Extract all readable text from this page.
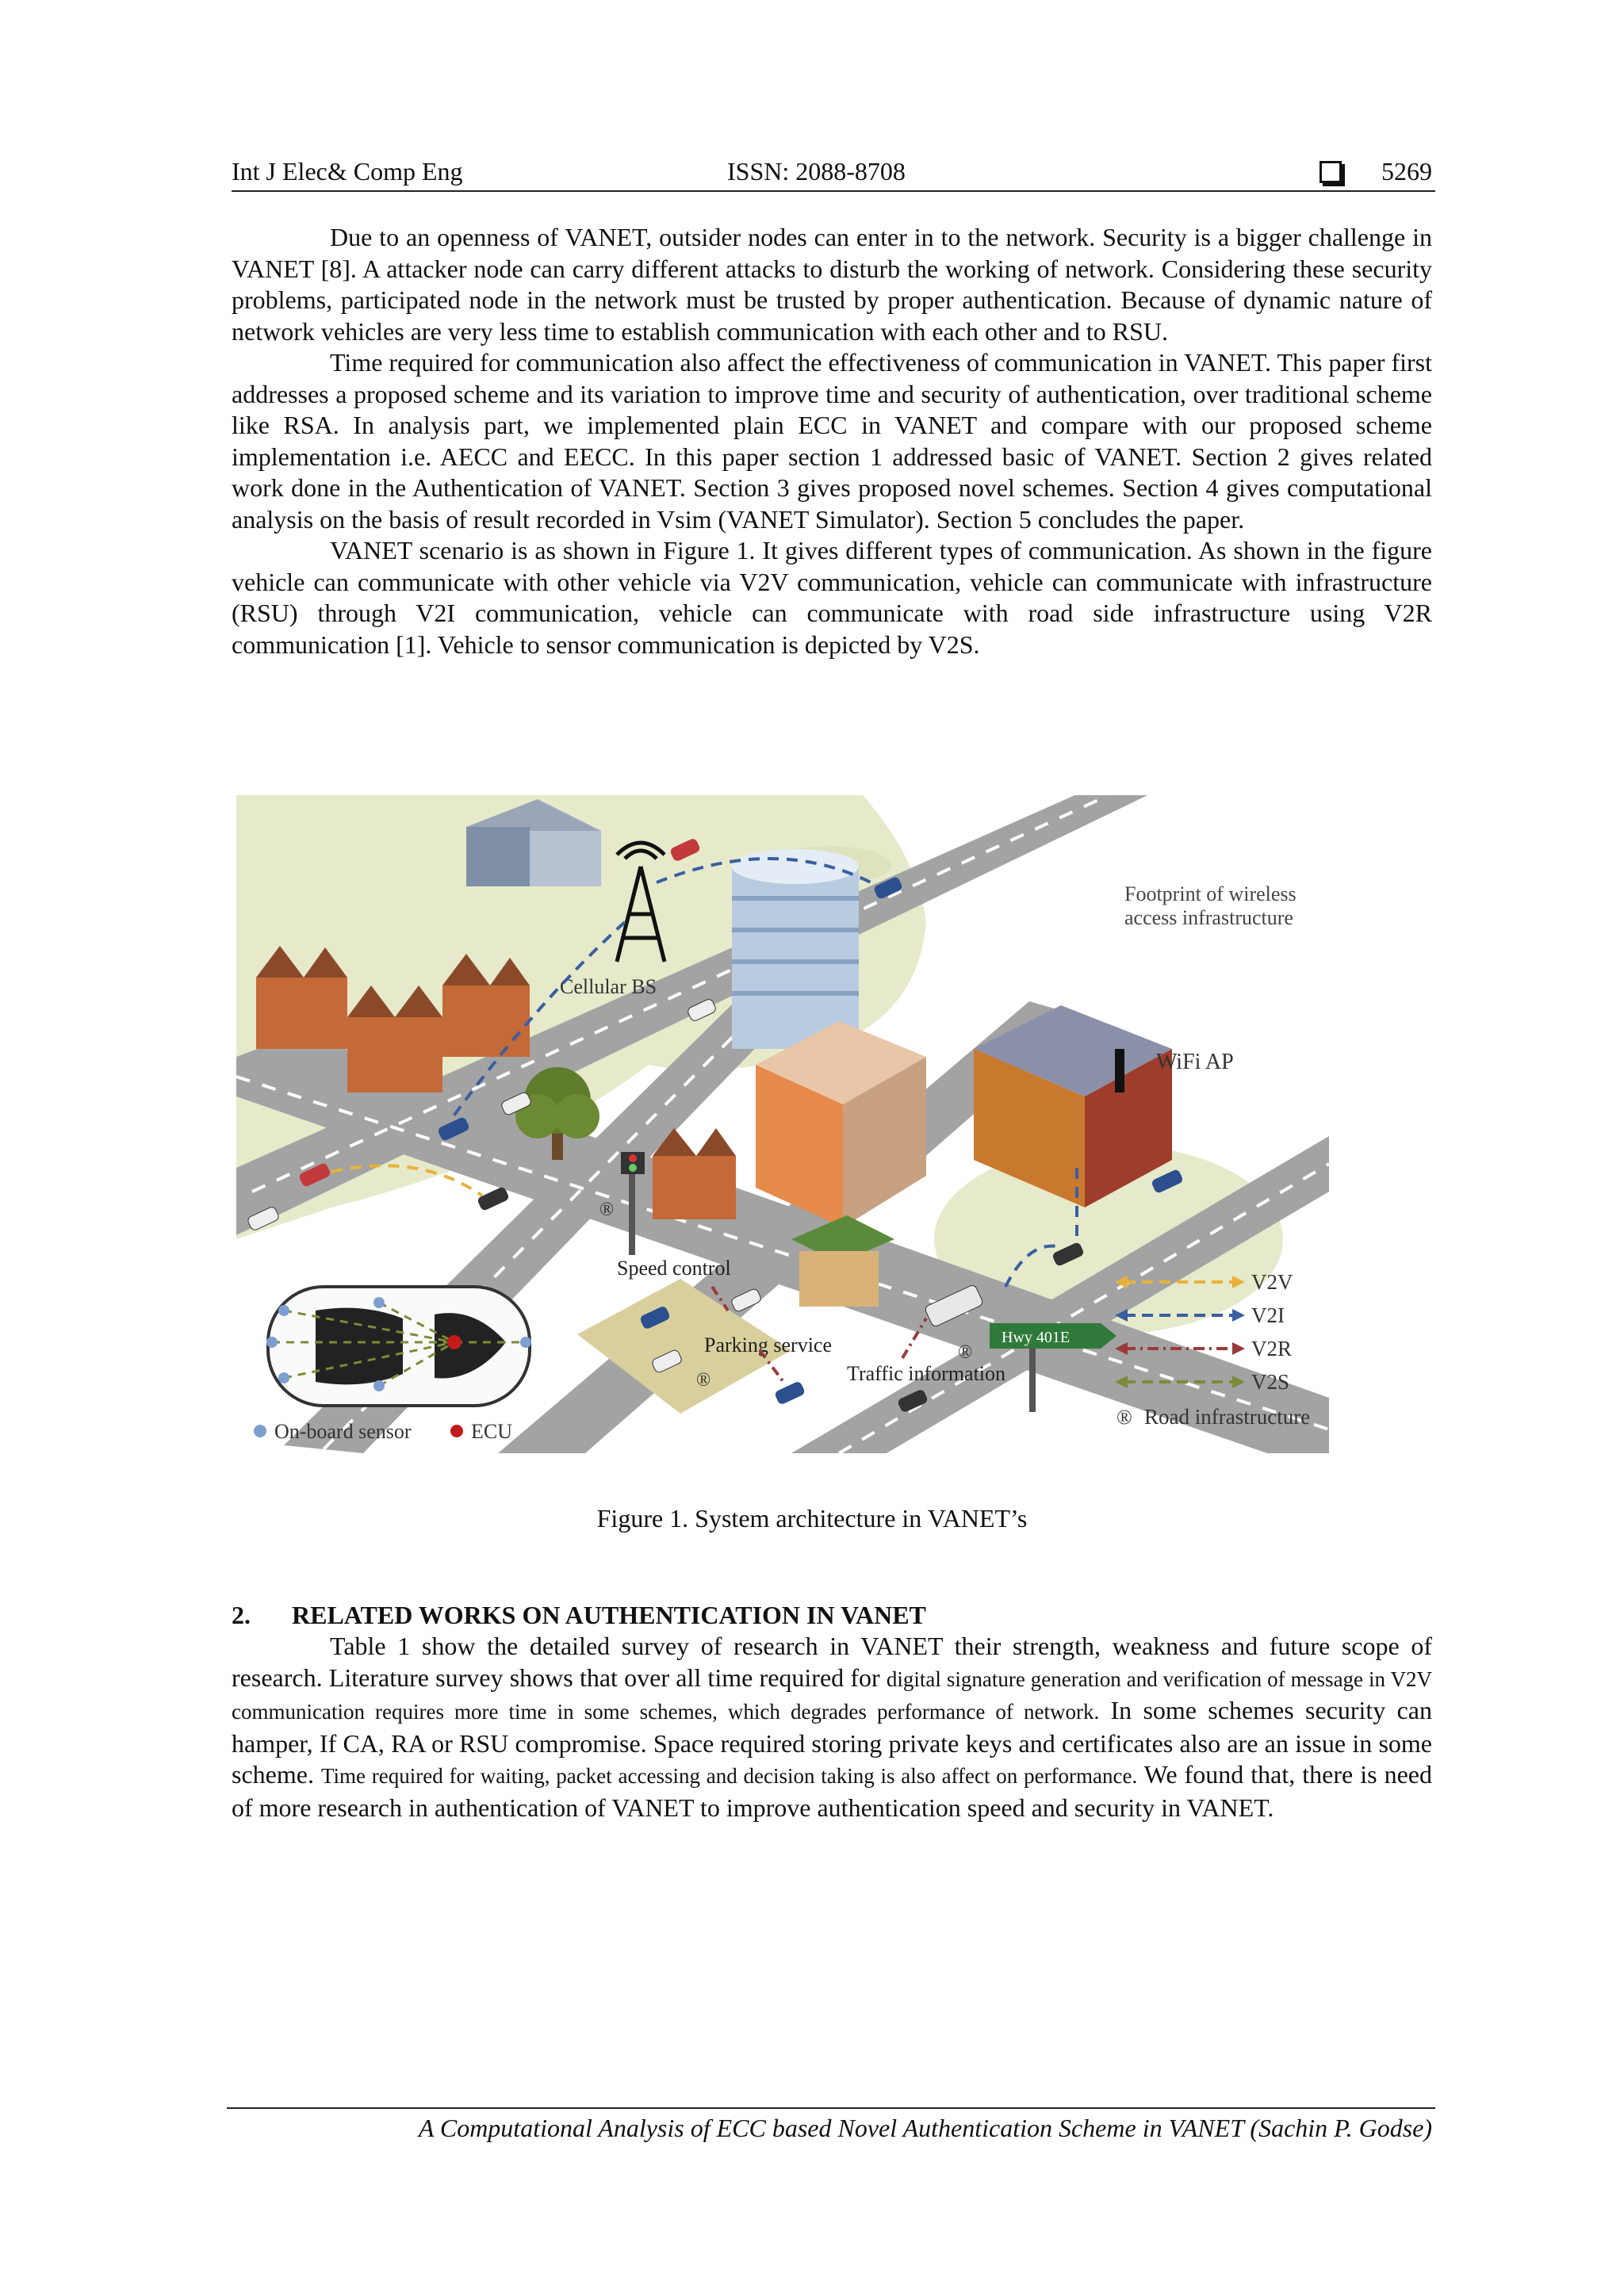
Int J Elec& Comp Eng	ISSN: 2088-8708	5269

Due to an openness of VANET, outsider nodes can enter in to the network. Security is a bigger challenge in VANET [8]. A attacker node can carry different attacks to disturb the working of network. Considering these security problems, participated node in the network must be trusted by proper authentication. Because of dynamic nature of network vehicles are very less time to establish communication with each other and to RSU.

Time required for communication also affect the effectiveness of communication in VANET. This paper first addresses a proposed scheme and its variation to improve time and security of authentication, over traditional scheme like RSA. In analysis part, we implemented plain ECC in VANET and compare with our proposed scheme implementation i.e. AECC and EECC. In this paper section 1 addressed basic of VANET. Section 2 gives related work done in the Authentication of VANET. Section 3 gives proposed novel schemes. Section 4 gives computational analysis on the basis of result recorded in Vsim (VANET Simulator). Section 5 concludes the paper.

VANET scenario is as shown in Figure 1. It gives different types of communication. As shown in the figure vehicle can communicate with other vehicle via V2V communication, vehicle can communicate with infrastructure (RSU) through V2I communication, vehicle can communicate with road side infrastructure using V2R communication [1]. Vehicle to sensor communication is depicted by V2S.

Footprint of wireless
access infrastructure
Cellular BS
WiFi AP
Speed control
Parking service
Traffic information
Hwy 401E
On-board sensor	ECU
V2V
V2I
V2R
V2S
® Road infrastructure
®
®
®
Figure 1. System architecture in VANET’s
2. RELATED WORKS ON AUTHENTICATION IN VANET

Table 1 show the detailed survey of research in VANET their strength, weakness and future scope of research. Literature survey shows that over all time required for digital signature generation and verification of message in V2V communication requires more time in some schemes, which degrades performance of network. In some schemes security can hamper, If CA, RA or RSU compromise. Space required storing private keys and certificates also are an issue in some scheme. Time required for waiting, packet accessing and decision taking is also affect on performance. We found that, there is need of more research in authentication of VANET to improve authentication speed and security in VANET.

A Computational Analysis of ECC based Novel Authentication Scheme in VANET (Sachin P. Godse)
